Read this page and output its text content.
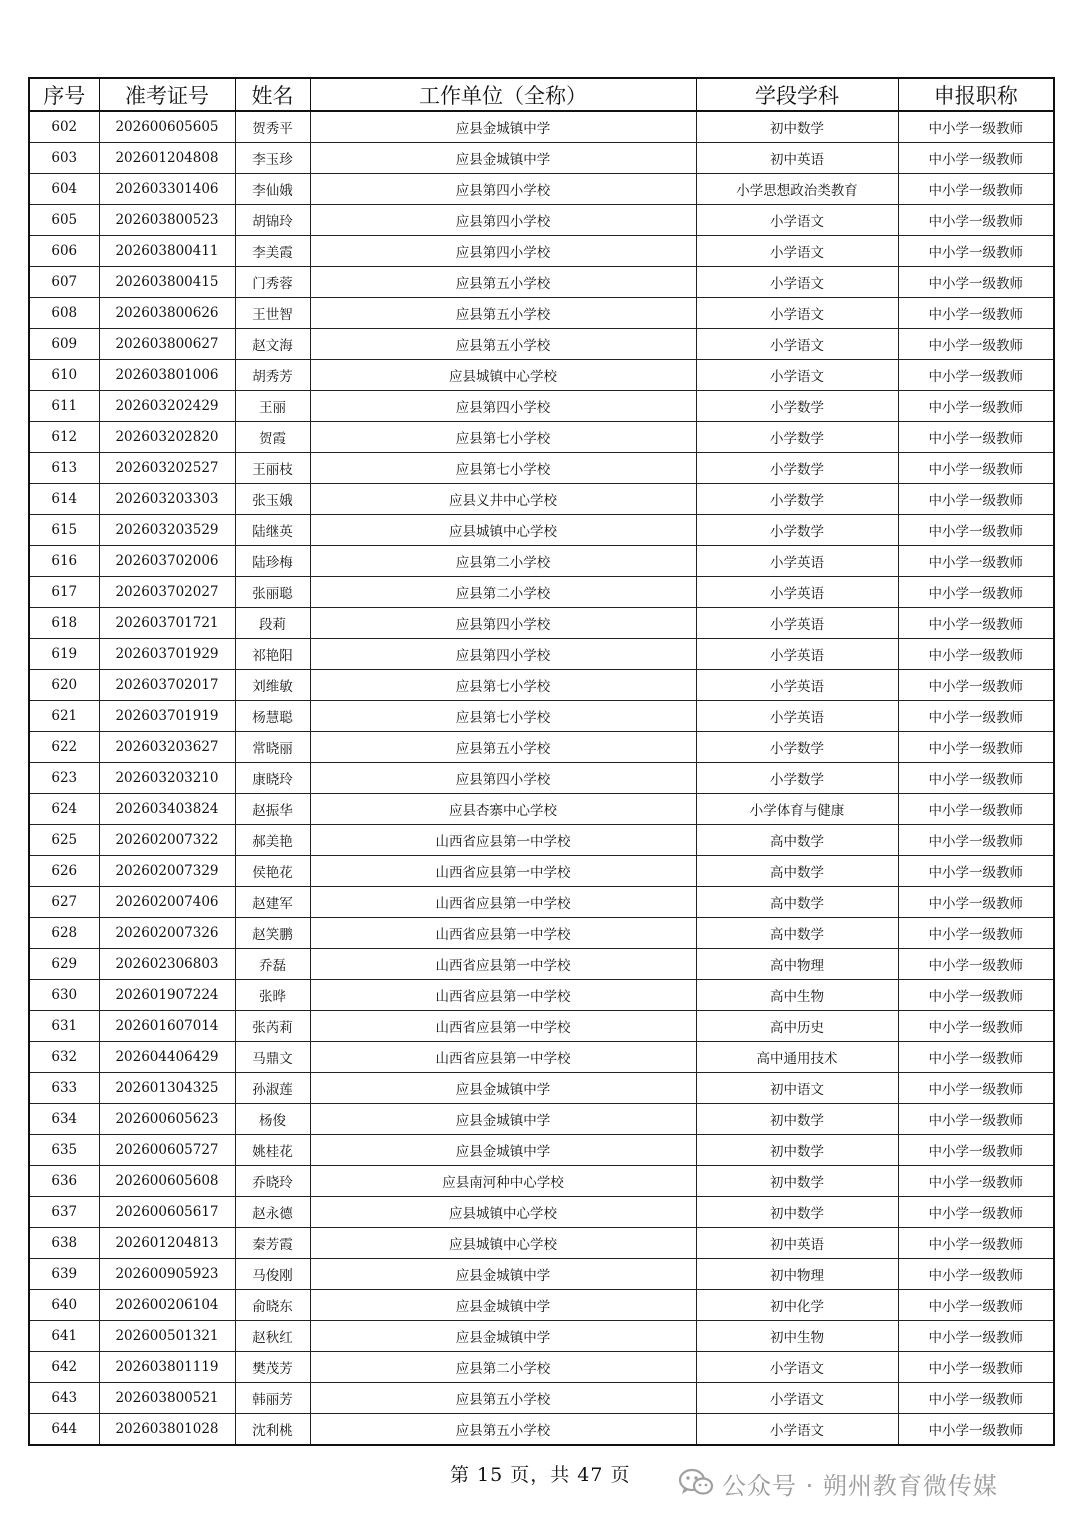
序号	准考证号	姓名	工作单位（全称）	学段学科	申报职称
602	202600605605	贺秀平	应县金城镇中学	初中数学	中小学一级教师
603	202601204808	李玉珍	应县金城镇中学	初中英语	中小学一级教师
604	202603301406	李仙娥	应县第四小学校	小学思想政治类教育	中小学一级教师
605	202603800523	胡锦玲	应县第四小学校	小学语文	中小学一级教师
606	202603800411	李美霞	应县第四小学校	小学语文	中小学一级教师
607	202603800415	门秀蓉	应县第五小学校	小学语文	中小学一级教师
608	202603800626	王世智	应县第五小学校	小学语文	中小学一级教师
609	202603800627	赵文海	应县第五小学校	小学语文	中小学一级教师
610	202603801006	胡秀芳	应县城镇中心学校	小学语文	中小学一级教师
611	202603202429	王丽	应县第四小学校	小学数学	中小学一级教师
612	202603202820	贺霞	应县第七小学校	小学数学	中小学一级教师
613	202603202527	王丽枝	应县第七小学校	小学数学	中小学一级教师
614	202603203303	张玉娥	应县义井中心学校	小学数学	中小学一级教师
615	202603203529	陆继英	应县城镇中心学校	小学数学	中小学一级教师
616	202603702006	陆珍梅	应县第二小学校	小学英语	中小学一级教师
617	202603702027	张丽聪	应县第二小学校	小学英语	中小学一级教师
618	202603701721	段莉	应县第四小学校	小学英语	中小学一级教师
619	202603701929	祁艳阳	应县第四小学校	小学英语	中小学一级教师
620	202603702017	刘维敏	应县第七小学校	小学英语	中小学一级教师
621	202603701919	杨慧聪	应县第七小学校	小学英语	中小学一级教师
622	202603203627	常晓丽	应县第五小学校	小学数学	中小学一级教师
623	202603203210	康晓玲	应县第四小学校	小学数学	中小学一级教师
624	202603403824	赵振华	应县杏寨中心学校	小学体育与健康	中小学一级教师
625	202602007322	郝美艳	山西省应县第一中学校	高中数学	中小学一级教师
626	202602007329	侯艳花	山西省应县第一中学校	高中数学	中小学一级教师
627	202602007406	赵建军	山西省应县第一中学校	高中数学	中小学一级教师
628	202602007326	赵笑鹏	山西省应县第一中学校	高中数学	中小学一级教师
629	202602306803	乔磊	山西省应县第一中学校	高中物理	中小学一级教师
630	202601907224	张晔	山西省应县第一中学校	高中生物	中小学一级教师
631	202601607014	张芮莉	山西省应县第一中学校	高中历史	中小学一级教师
632	202604406429	马鼎文	山西省应县第一中学校	高中通用技术	中小学一级教师
633	202601304325	孙淑莲	应县金城镇中学	初中语文	中小学一级教师
634	202600605623	杨俊	应县金城镇中学	初中数学	中小学一级教师
635	202600605727	姚桂花	应县金城镇中学	初中数学	中小学一级教师
636	202600605608	乔晓玲	应县南河种中心学校	初中数学	中小学一级教师
637	202600605617	赵永德	应县城镇中心学校	初中数学	中小学一级教师
638	202601204813	秦芳霞	应县城镇中心学校	初中英语	中小学一级教师
639	202600905923	马俊刚	应县金城镇中学	初中物理	中小学一级教师
640	202600206104	俞晓东	应县金城镇中学	初中化学	中小学一级教师
641	202600501321	赵秋红	应县金城镇中学	初中生物	中小学一级教师
642	202603801119	樊茂芳	应县第二小学校	小学语文	中小学一级教师
643	202603800521	韩丽芳	应县第五小学校	小学语文	中小学一级教师
644	202603801028	沈利桃	应县第五小学校	小学语文	中小学一级教师
第 15 页，共 47 页	公众号 · 朔州教育微传媒
